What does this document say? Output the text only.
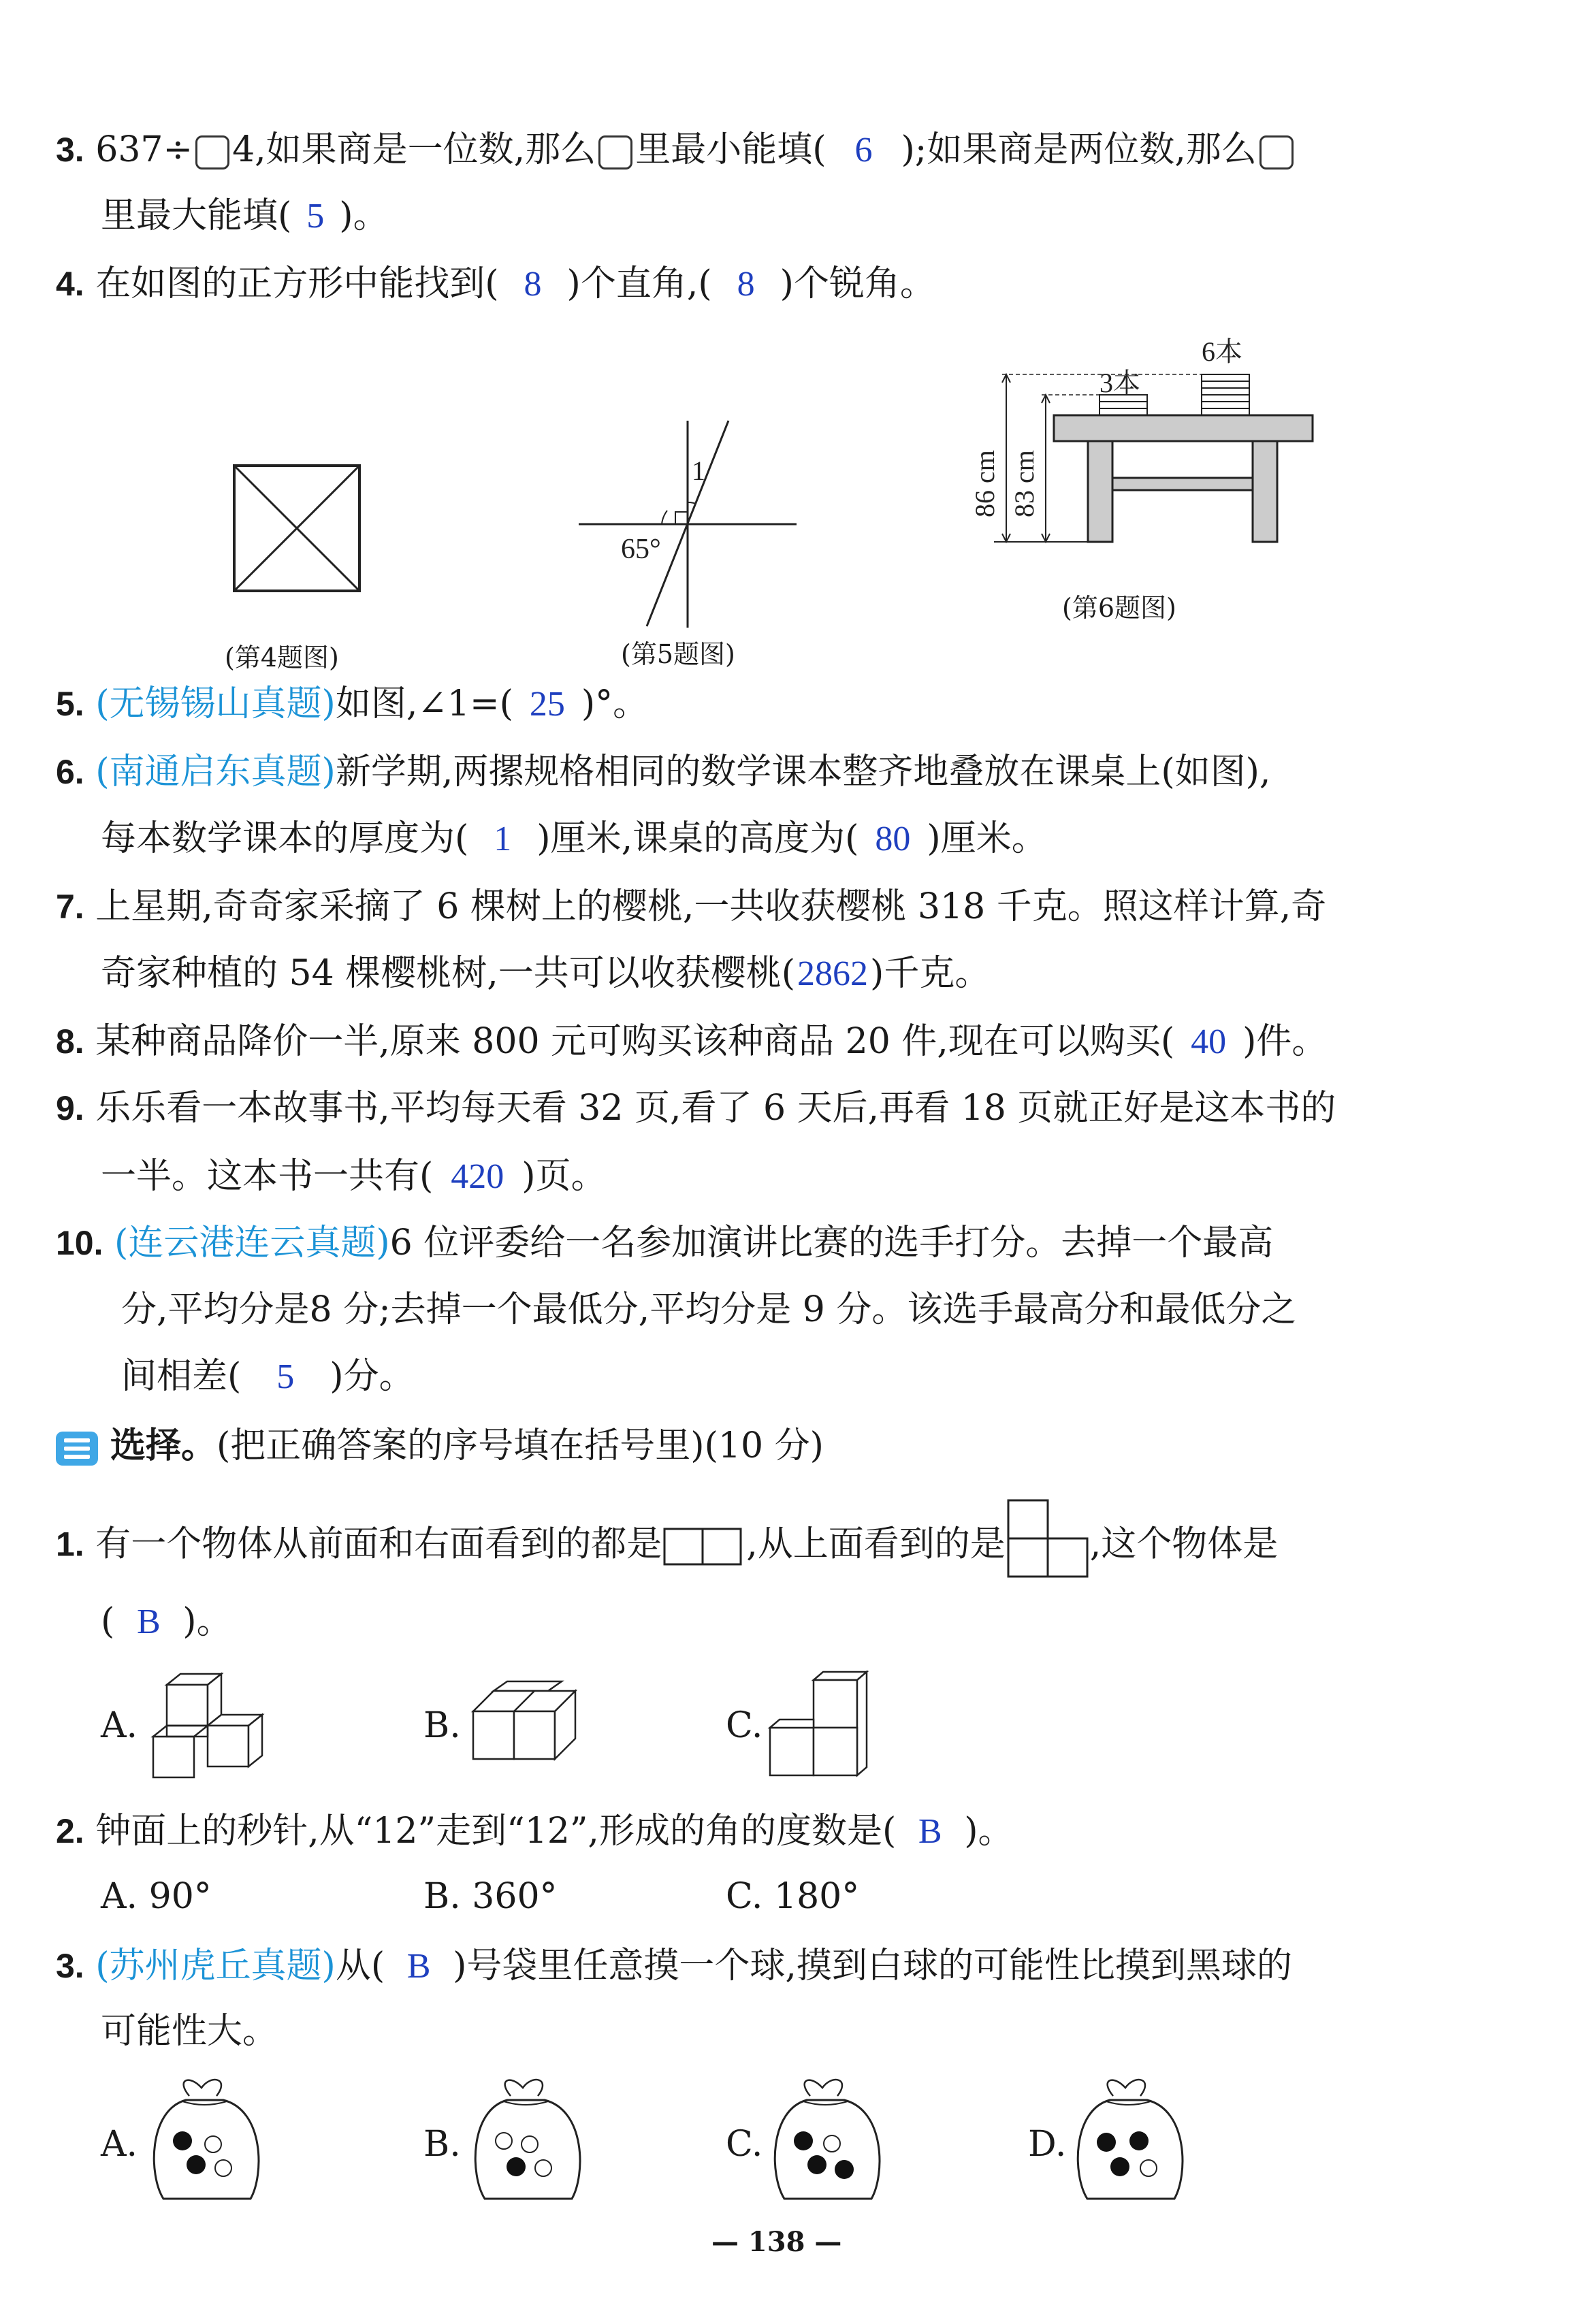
3. 637÷ 4,如果商是一位数,那么 里最小能填( 6 );如果商是两位数,那么
里最大能填( 5 )。
4. 在如图的正方形中能找到( 8 )个直角,( 8 )个锐角。
(第4题图)
1
65°
(第5题图)
6本
3本
86 cm 83 cm
(第6题图)
5. (无锡锡山真题)如图,∠1=( 25 )°。
6. (南通启东真题)新学期,两摞规格相同的数学课本整齐地叠放在课桌上(如图),
每本数学课本的厚度为( 1 )厘米,课桌的高度为( 80 )厘米。
7. 上星期,奇奇家采摘了 6 棵树上的樱桃,一共收获樱桃 318 千克。照这样计算,奇
奇家种植的 54 棵樱桃树,一共可以收获樱桃(2862)千克。
8. 某种商品降价一半,原来 800 元可购买该种商品 20 件,现在可以购买( 40 )件。
9. 乐乐看一本故事书,平均每天看 32 页,看了 6 天后,再看 18 页就正好是这本书的
一半。这本书一共有( 420 )页。
10. (连云港连云真题)6 位评委给一名参加演讲比赛的选手打分。去掉一个最高
分,平均分是8 分;去掉一个最低分,平均分是 9 分。该选手最高分和最低分之
间相差( 5 )分。
选择。(把正确答案的序号填在括号里)(10 分)
1. 有一个物体从前面和右面看到的都是 ,从上面看到的是 ,这个物体是
( B )。
A.	B.	C.
2. 钟面上的秒针,从“12”走到“12”,形成的角的度数是( B )。
A. 90°	B. 360°	C. 180°
3. (苏州虎丘真题)从( B )号袋里任意摸一个球,摸到白球的可能性比摸到黑球的
可能性大。
A.	B.	C.	D.
— 138 —
